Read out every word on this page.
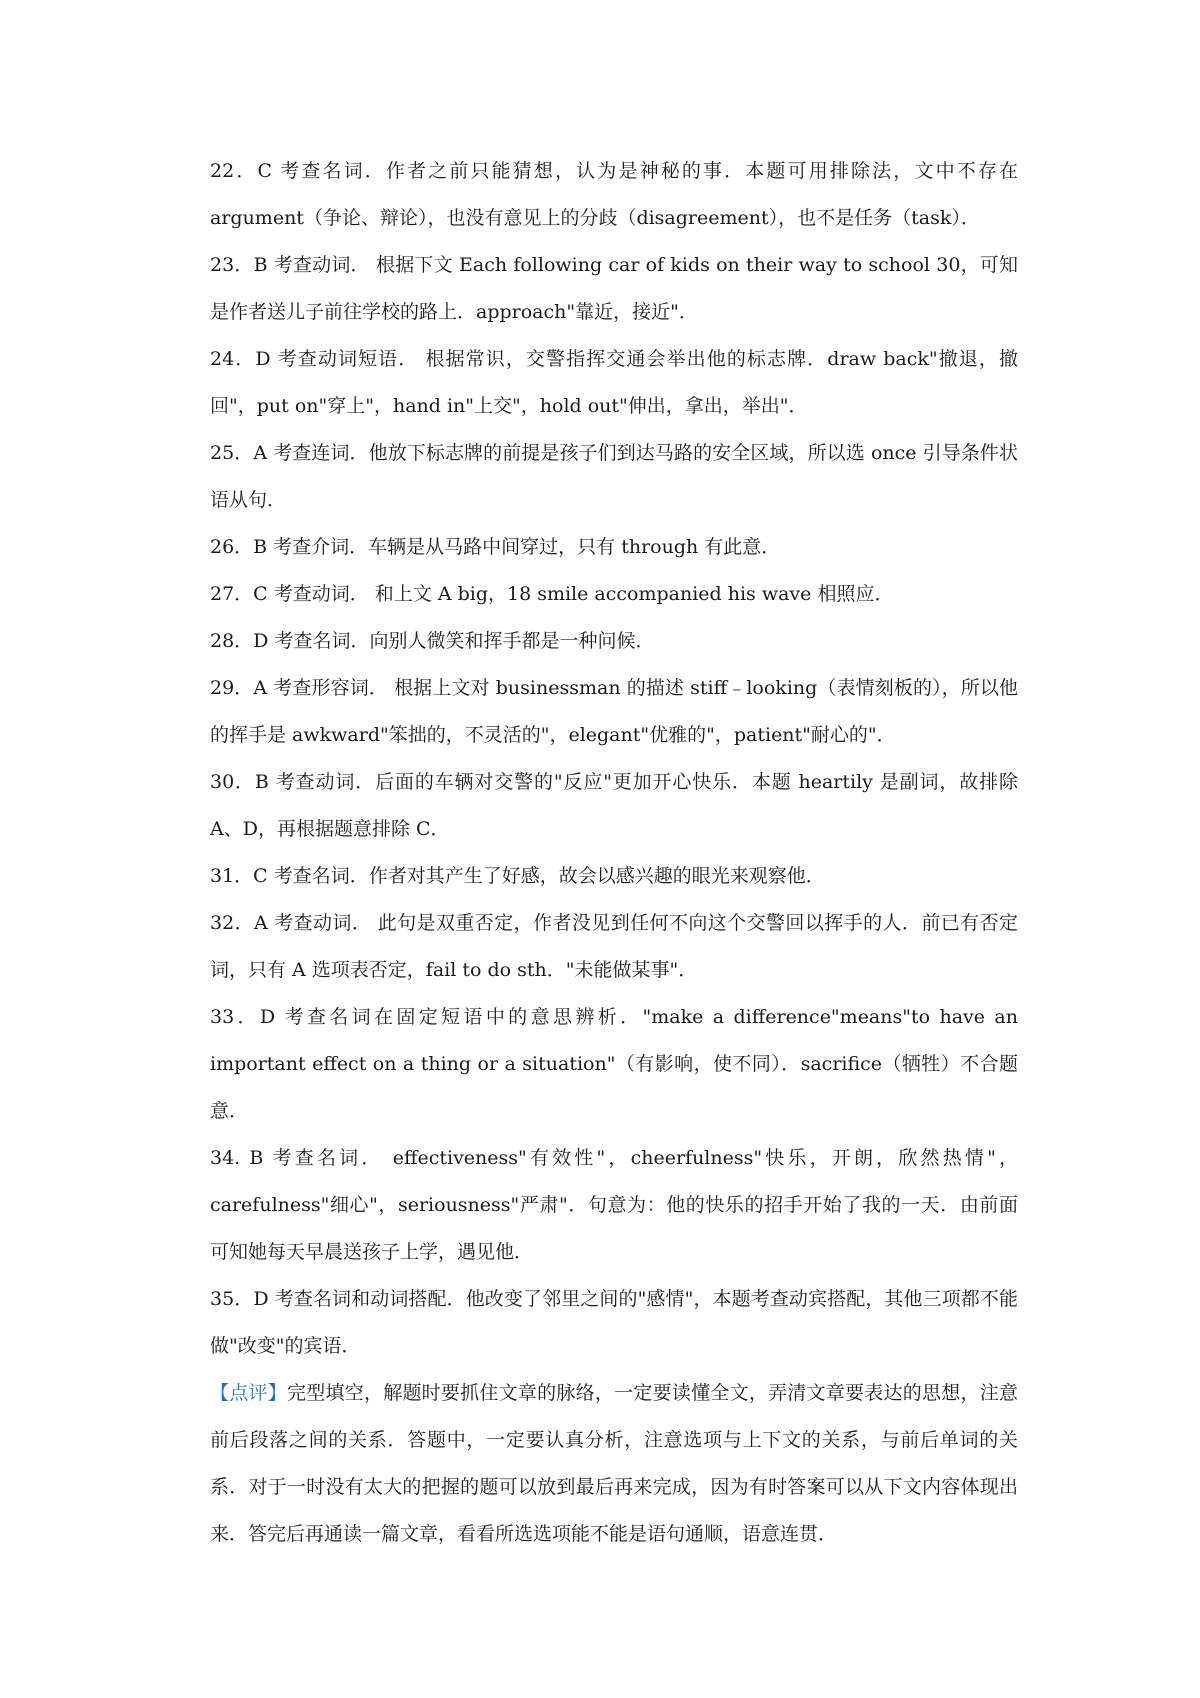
22．C 考查名词．作者之前只能猜想，认为是神秘的事．本题可用排除法，文中不存在argument（争论、辩论），也没有意见上的分歧（disagreement），也不是任务（task）．

23．B 考查动词． 根据下文 Each following car of kids on their way to school 30，可知是作者送儿子前往学校的路上．approach"靠近，接近"．

24．D 考查动词短语． 根据常识，交警指挥交通会举出他的标志牌．draw back"撤退，撤回"，put on"穿上"，hand in"上交"，hold out"伸出，拿出，举出"．

25．A 考查连词．他放下标志牌的前提是孩子们到达马路的安全区域，所以选 once 引导条件状语从句．

26．B 考查介词．车辆是从马路中间穿过，只有 through 有此意．

27．C 考查动词． 和上文 A big，18 smile accompanied his wave 相照应．

28．D 考查名词．向别人微笑和挥手都是一种问候．

29．A 考查形容词． 根据上文对 businessman 的描述 stiff﹣looking（表情刻板的），所以他的挥手是 awkward"笨拙的，不灵活的"，elegant"优雅的"，patient"耐心的"．

30．B 考查动词．后面的车辆对交警的"反应"更加开心快乐．本题 heartily 是副词，故排除 A、D，再根据题意排除 C．

31．C 考查名词．作者对其产生了好感，故会以感兴趣的眼光来观察他．

32．A 考查动词． 此句是双重否定，作者没见到任何不向这个交警回以挥手的人．前已有否定词，只有 A 选项表否定，fail to do sth．"未能做某事"．

33．D 考查名词在固定短语中的意思辨析．"make a difference"means"to have an important effect on a thing or a situation"（有影响，使不同）．sacrifice（牺牲）不合题意．

34. B 考查名词． effectiveness"有效性"，cheerfulness"快乐，开朗，欣然热情"，carefulness"细心"，seriousness"严肃"．句意为：他的快乐的招手开始了我的一天．由前面可知她每天早晨送孩子上学，遇见他．

35．D 考查名词和动词搭配．他改变了邻里之间的"感情"，本题考查动宾搭配，其他三项都不能做"改变"的宾语．

【点评】完型填空，解题时要抓住文章的脉络，一定要读懂全文，弄清文章要表达的思想，注意前后段落之间的关系．答题中，一定要认真分析，注意选项与上下文的关系，与前后单词的关系．对于一时没有太大的把握的题可以放到最后再来完成，因为有时答案可以从下文内容体现出来．答完后再通读一篇文章，看看所选选项能不能是语句通顺，语意连贯．
